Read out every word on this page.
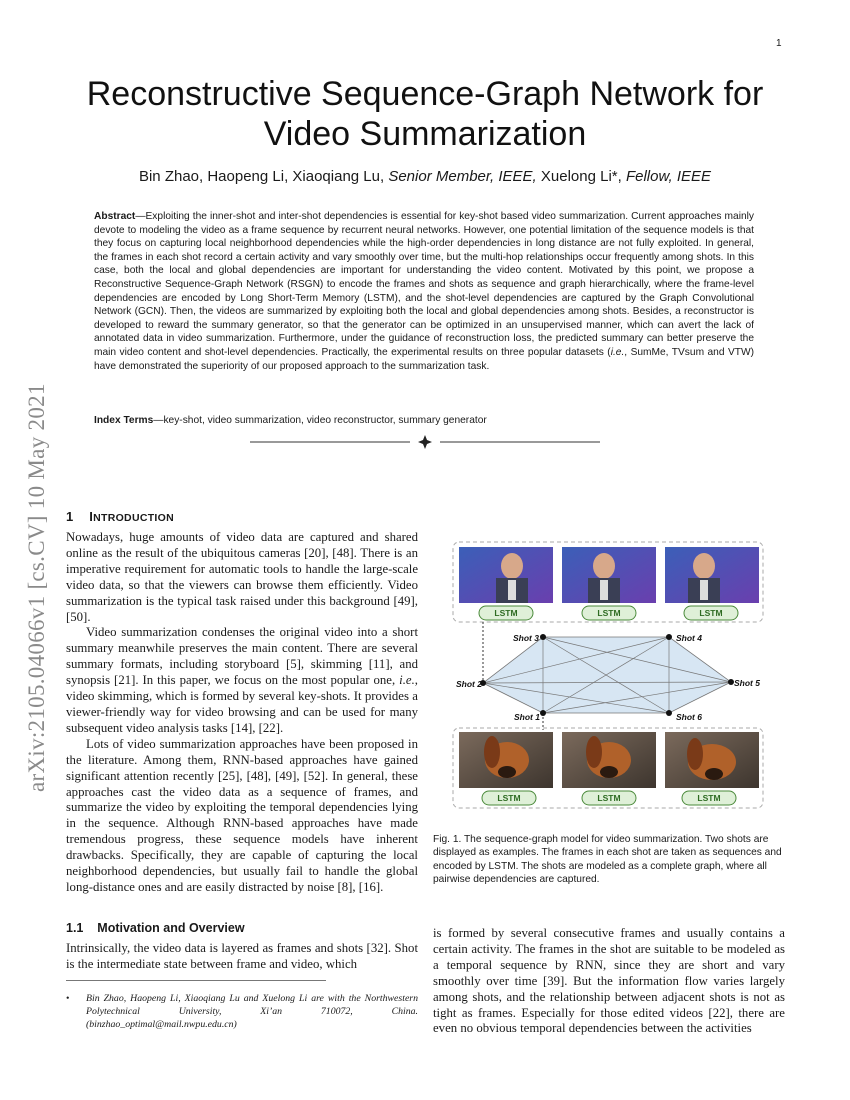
1
Reconstructive Sequence-Graph Network for
Video Summarization
Bin Zhao, Haopeng Li, Xiaoqiang Lu, Senior Member, IEEE, Xuelong Li*, Fellow, IEEE
Abstract—Exploiting the inner-shot and inter-shot dependencies is essential for key-shot based video summarization. Current approaches mainly devote to modeling the video as a frame sequence by recurrent neural networks. However, one potential limitation of the sequence models is that they focus on capturing local neighborhood dependencies while the high-order dependencies in long distance are not fully exploited. In general, the frames in each shot record a certain activity and vary smoothly over time, but the multi-hop relationships occur frequently among shots. In this case, both the local and global dependencies are important for understanding the video content. Motivated by this point, we propose a Reconstructive Sequence-Graph Network (RSGN) to encode the frames and shots as sequence and graph hierarchically, where the frame-level dependencies are encoded by Long Short-Term Memory (LSTM), and the shot-level dependencies are captured by the Graph Convolutional Network (GCN). Then, the videos are summarized by exploiting both the local and global dependencies among shots. Besides, a reconstructor is developed to reward the summary generator, so that the generator can be optimized in an unsupervised manner, which can avert the lack of annotated data in video summarization. Furthermore, under the guidance of reconstruction loss, the predicted summary can better preserve the main video content and shot-level dependencies. Practically, the experimental results on three popular datasets (i.e., SumMe, TVsum and VTW) have demonstrated the superiority of our proposed approach to the summarization task.
Index Terms—key-shot, video summarization, video reconstructor, summary generator
arXiv:2105.04066v1 [cs.CV] 10 May 2021 1 INTRODUCTION

Nowadays, huge amounts of video data are captured and shared online as the result of the ubiquitous cameras [20], [48]. There is an imperative requirement for automatic tools to handle the large-scale video data, so that the viewers can browse them efficiently. Video summarization is the typical task raised under this background [49], [50].

Video summarization condenses the original video into a short summary meanwhile preserves the main content. There are several summary formats, including storyboard [5], skimming [11], and synopsis [21]. In this paper, we focus on the most popular one, i.e., video skimming, which is formed by several key-shots. It provides a viewer-friendly way for video browsing and can be used for many subsequent video analysis tasks [14], [22].

Lots of video summarization approaches have been proposed in the literature. Among them, RNN-based approaches have gained significant attention recently [25], [48], [49], [52]. In general, these approaches cast the video data as a sequence of frames, and summarize the video by exploiting the temporal dependencies lying in the sequence. Although RNN-based approaches have made tremendous progress, these sequence models have inherent drawbacks. Specifically, they are capable of capturing the local neighborhood dependencies, but usually fail to handle the global long-distance ones and are easily distracted by noise [8], [16].

1.1 Motivation and Overview
Intrinsically, the video data is layered as frames and shots [32]. Shot is the intermediate state between frame and video, which
• Bin Zhao, Haopeng Li, Xiaoqiang Lu and Xuelong Li are with the Northwestern Polytechnical University, Xi’an 710072, China. (binzhao_optimal@mail.nwpu.edu.cn)
is formed by several consecutive frames and usually contains a certain activity. The frames in the shot are suitable to be modeled as a temporal sequence by RNN, since they are short and vary smoothly over time [39]. But the information flow varies largely among shots, and the relationship between adjacent shots is not as tight as frames. Especially for those edited videos [22], there are even no obvious temporal dependencies between the activities
LSTM	LSTM	LSTM
Shot 1
Shot 2
Shot 3	Shot 4
Shot 5
Shot 6
LSTM	LSTM	LSTM
Fig. 1. The sequence-graph model for video summarization. Two shots are displayed as examples. The frames in each shot are taken as sequences and encoded by LSTM. The shots are modeled as a complete graph, where all pairwise dependencies are captured.
